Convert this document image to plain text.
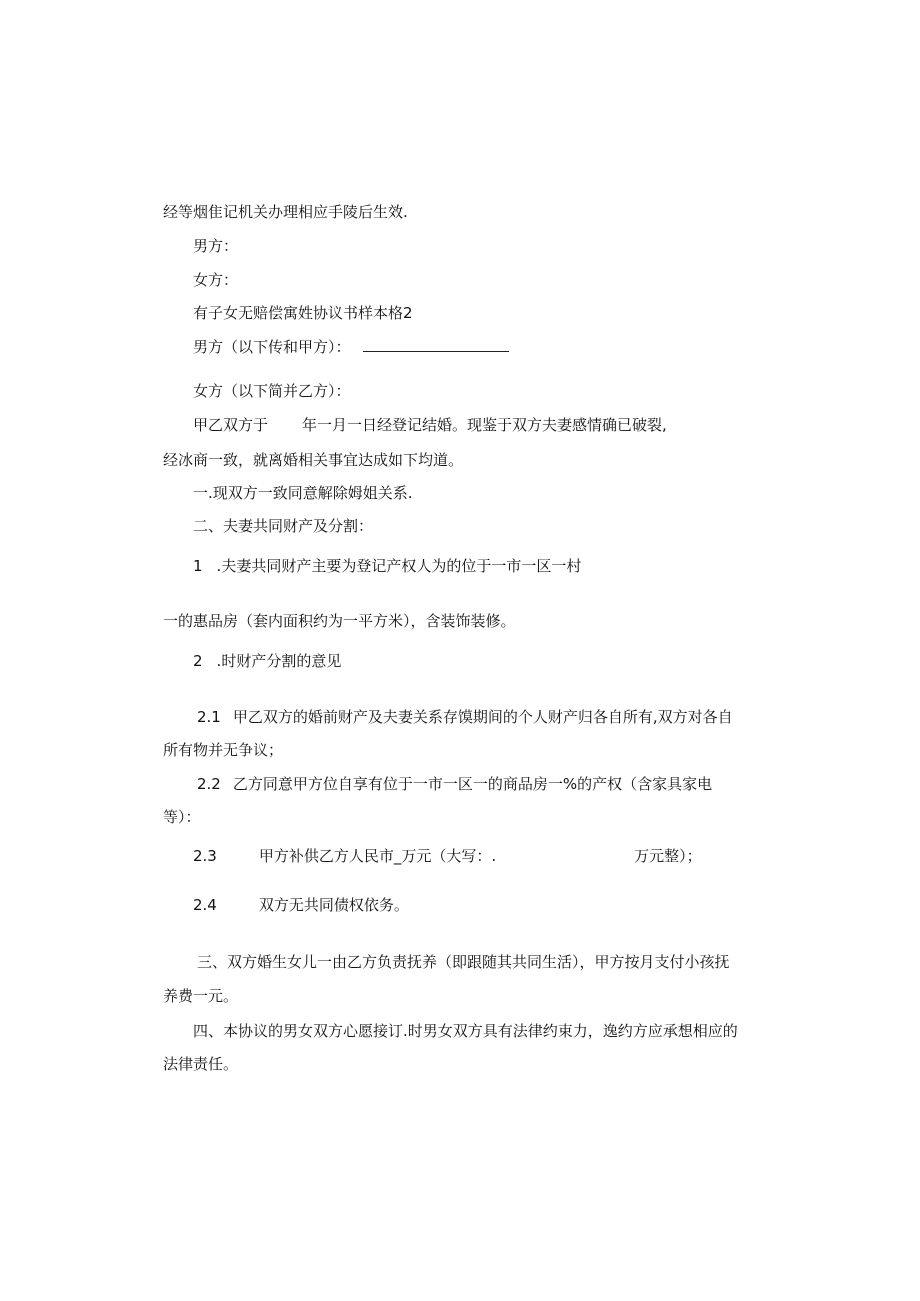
经等烟隹记机关办理相应手陵后生效.
男方：
女方：
有子女无赔偿寓姓协议书样本格2
男方（以下传和甲方）：
女方（以下简并乙方）：
甲乙双方于 年一月一日经登记结婚。现鉴于双方夫妻感情确已破裂,
经冰商一致，就离婚相关事宜达成如下均道。
一.现双方一致同意解除姆姐关系.
二、夫妻共同财产及分割：
1 .夫妻共同财产主要为登记产权人为的位于一市一区一村
一的惠品房（套内面积约为一平方米），含装饰装修。
2 .时财产分割的意见
2.1 甲乙双方的婚前财产及夫妻关系存馍期间的个人财产归各自所有,双方对各自
所有物并无争议；
2.2 乙方同意甲方位自享有位于一市一区一的商品房一%的产权（含家具家电
等）：
2.3	甲方补供乙方人民市_万元（大写：.	万元整）；
2.4	双方无共同债权依务。
三、双方婚生女儿一由乙方负责抚养（即跟随其共同生活），甲方按月支付小孩抚
养费一元。
四、本协议的男女双方心愿接订.时男女双方具有法律约束力，逸约方应承想相应的
法律责任。
